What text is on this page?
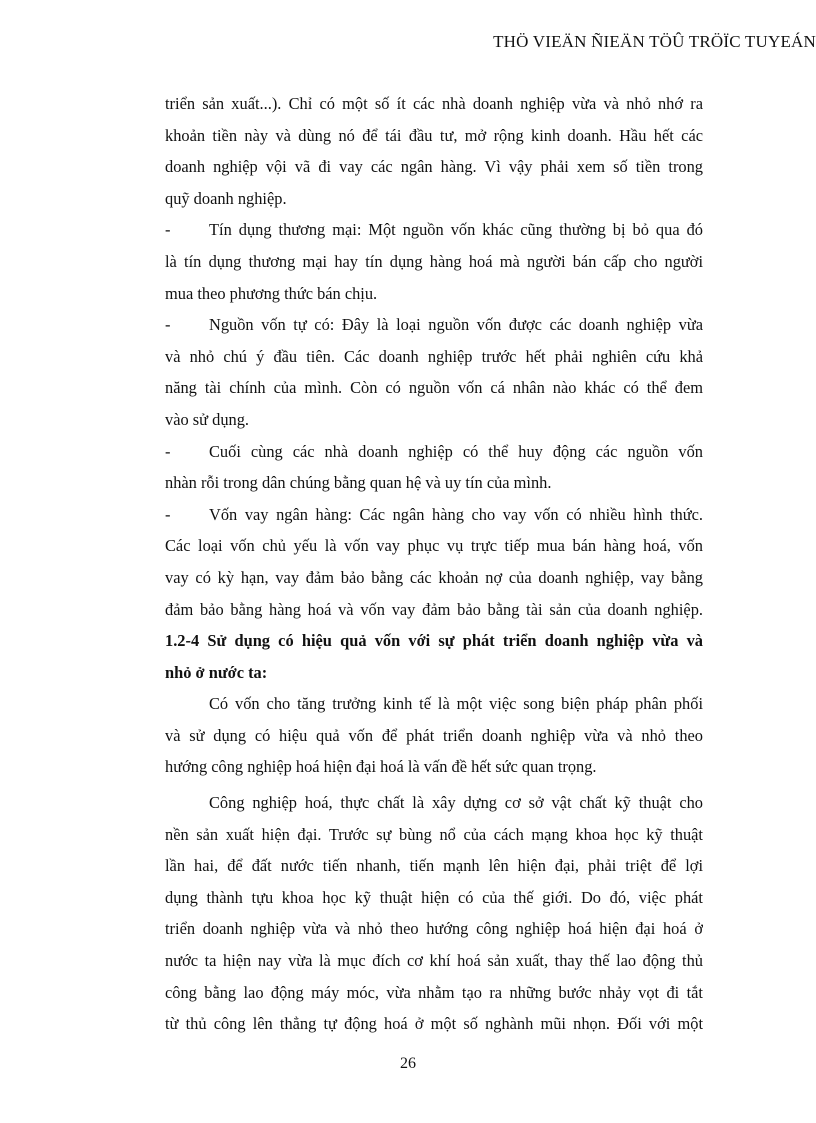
THÖ VIEÄN ÑIEÄN TÖÛ TRÖÏC TUYEÁN
triển sản xuất...). Chỉ có một số ít các nhà doanh nghiệp vừa và nhỏ nhớ ra
khoản tiền này và dùng nó để tái đầu tư, mở rộng kinh doanh. Hầu hết các
doanh nghiệp vội vã đi vay các ngân hàng. Vì vậy phải xem số tiền trong
quỹ doanh nghiệp.
- Tín dụng thương mại: Một nguồn vốn khác cũng thường bị bỏ qua đó
là tín dụng thương mại hay tín dụng hàng hoá mà người bán cấp cho người
mua theo phương thức bán chịu.
- Nguồn vốn tự có: Đây là loại nguồn vốn được các doanh nghiệp vừa
và nhỏ chú ý đầu tiên. Các doanh nghiệp trước hết phải nghiên cứu khả
năng tài chính của mình. Còn có nguồn vốn cá nhân nào khác có thể đem
vào sử dụng.
- Cuối cùng các nhà doanh nghiệp có thể huy động các nguồn vốn
nhàn rỗi trong dân chúng bằng quan hệ và uy tín của mình.
- Vốn vay ngân hàng: Các ngân hàng cho vay vốn có nhiều hình thức.
Các loại vốn chủ yếu là vốn vay phục vụ trực tiếp mua bán hàng hoá, vốn
vay có kỳ hạn, vay đảm bảo bằng các khoản nợ của doanh nghiệp, vay bằng
đảm bảo bằng hàng hoá và vốn vay đảm bảo bằng tài sản của doanh nghiệp.
1.2-4 Sử dụng có hiệu quả vốn với sự phát triển doanh nghiệp vừa và
nhỏ ở nước ta:
Có vốn cho tăng trưởng kinh tế là một việc song biện pháp phân phối
và sử dụng có hiệu quả vốn để phát triển doanh nghiệp vừa và nhỏ theo
hướng công nghiệp hoá hiện đại hoá là vấn đề hết sức quan trọng.
Công nghiệp hoá, thực chất là xây dựng cơ sở vật chất kỹ thuật cho
nền sản xuất hiện đại. Trước sự bùng nổ của cách mạng khoa học kỹ thuật
lần hai, để đất nước tiến nhanh, tiến mạnh lên hiện đại, phải triệt để lợi
dụng thành tựu khoa học kỹ thuật hiện có của thế giới. Do đó, việc phát
triển doanh nghiệp vừa và nhỏ theo hướng công nghiệp hoá hiện đại hoá ở
nước ta hiện nay vừa là mục đích cơ khí hoá sản xuất, thay thế lao động thủ
công bằng lao động máy móc, vừa nhằm tạo ra những bước nhảy vọt đi tắt
từ thủ công lên thẳng tự động hoá ở một số nghành mũi nhọn. Đối với một
26
